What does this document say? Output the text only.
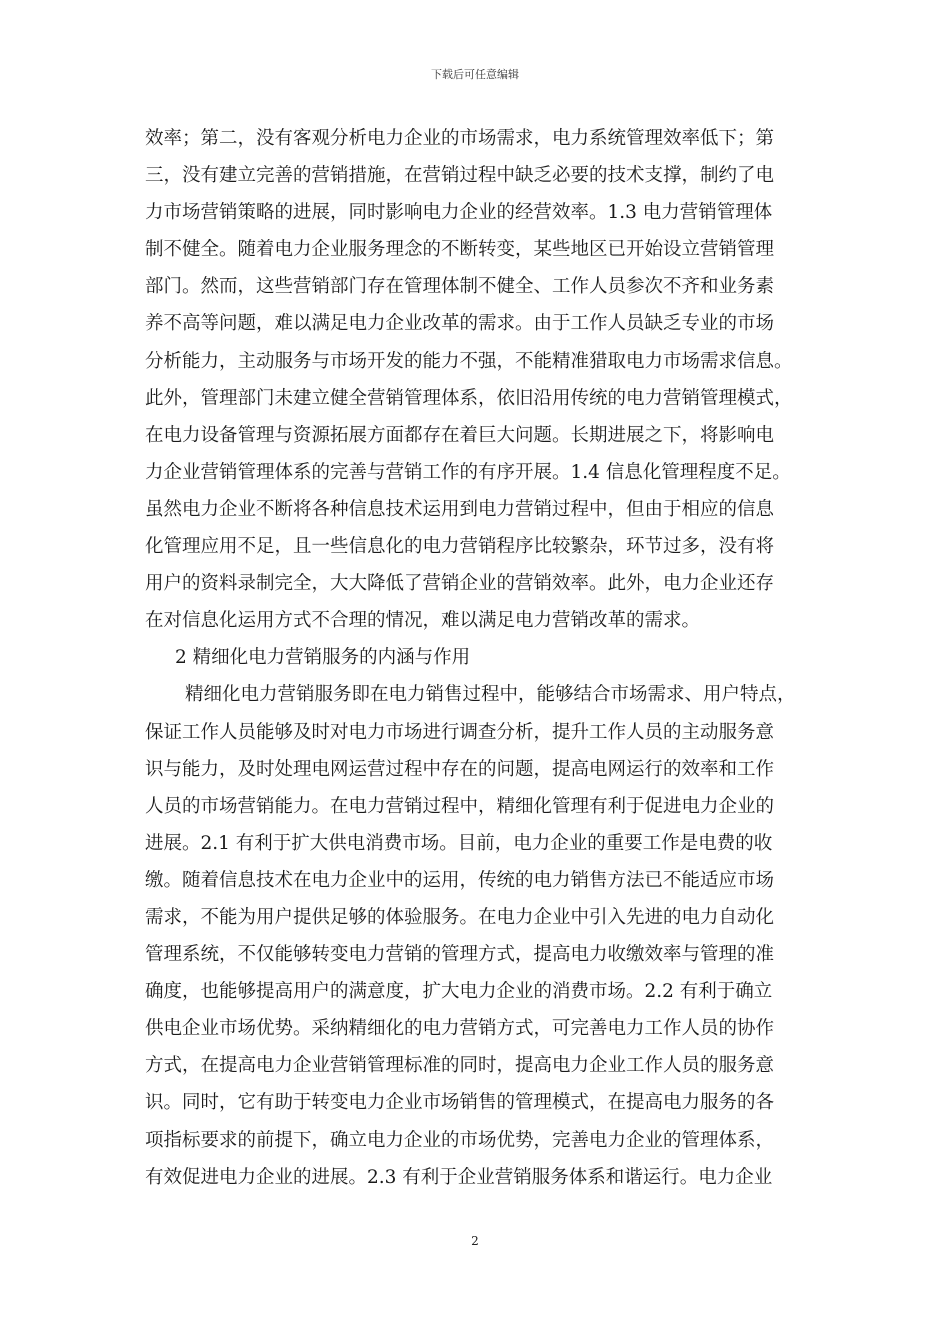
下载后可任意编辑
效率；第二，没有客观分析电力企业的市场需求，电力系统管理效率低下；第
三，没有建立完善的营销措施，在营销过程中缺乏必要的技术支撑，制约了电
力市场营销策略的进展，同时影响电力企业的经营效率。1.3 电力营销管理体
制不健全。随着电力企业服务理念的不断转变，某些地区已开始设立营销管理
部门。然而，这些营销部门存在管理体制不健全、工作人员参次不齐和业务素
养不高等问题，难以满足电力企业改革的需求。由于工作人员缺乏专业的市场
分析能力，主动服务与市场开发的能力不强，不能精准猎取电力市场需求信息。
此外，管理部门未建立健全营销管理体系，依旧沿用传统的电力营销管理模式，
在电力设备管理与资源拓展方面都存在着巨大问题。长期进展之下，将影响电
力企业营销管理体系的完善与营销工作的有序开展。1.4 信息化管理程度不足。
虽然电力企业不断将各种信息技术运用到电力营销过程中，但由于相应的信息
化管理应用不足，且一些信息化的电力营销程序比较繁杂，环节过多，没有将
用户的资料录制完全，大大降低了营销企业的营销效率。此外，电力企业还存
在对信息化运用方式不合理的情况，难以满足电力营销改革的需求。
2 精细化电力营销服务的内涵与作用
精细化电力营销服务即在电力销售过程中，能够结合市场需求、用户特点，
保证工作人员能够及时对电力市场进行调查分析，提升工作人员的主动服务意
识与能力，及时处理电网运营过程中存在的问题，提高电网运行的效率和工作
人员的市场营销能力。在电力营销过程中，精细化管理有利于促进电力企业的
进展。2.1 有利于扩大供电消费市场。目前，电力企业的重要工作是电费的收
缴。随着信息技术在电力企业中的运用，传统的电力销售方法已不能适应市场
需求，不能为用户提供足够的体验服务。在电力企业中引入先进的电力自动化
管理系统，不仅能够转变电力营销的管理方式，提高电力收缴效率与管理的准
确度，也能够提高用户的满意度，扩大电力企业的消费市场。2.2 有利于确立
供电企业市场优势。采纳精细化的电力营销方式，可完善电力工作人员的协作
方式，在提高电力企业营销管理标准的同时，提高电力企业工作人员的服务意
识。同时，它有助于转变电力企业市场销售的管理模式，在提高电力服务的各
项指标要求的前提下，确立电力企业的市场优势，完善电力企业的管理体系，
有效促进电力企业的进展。2.3 有利于企业营销服务体系和谐运行。电力企业
2
